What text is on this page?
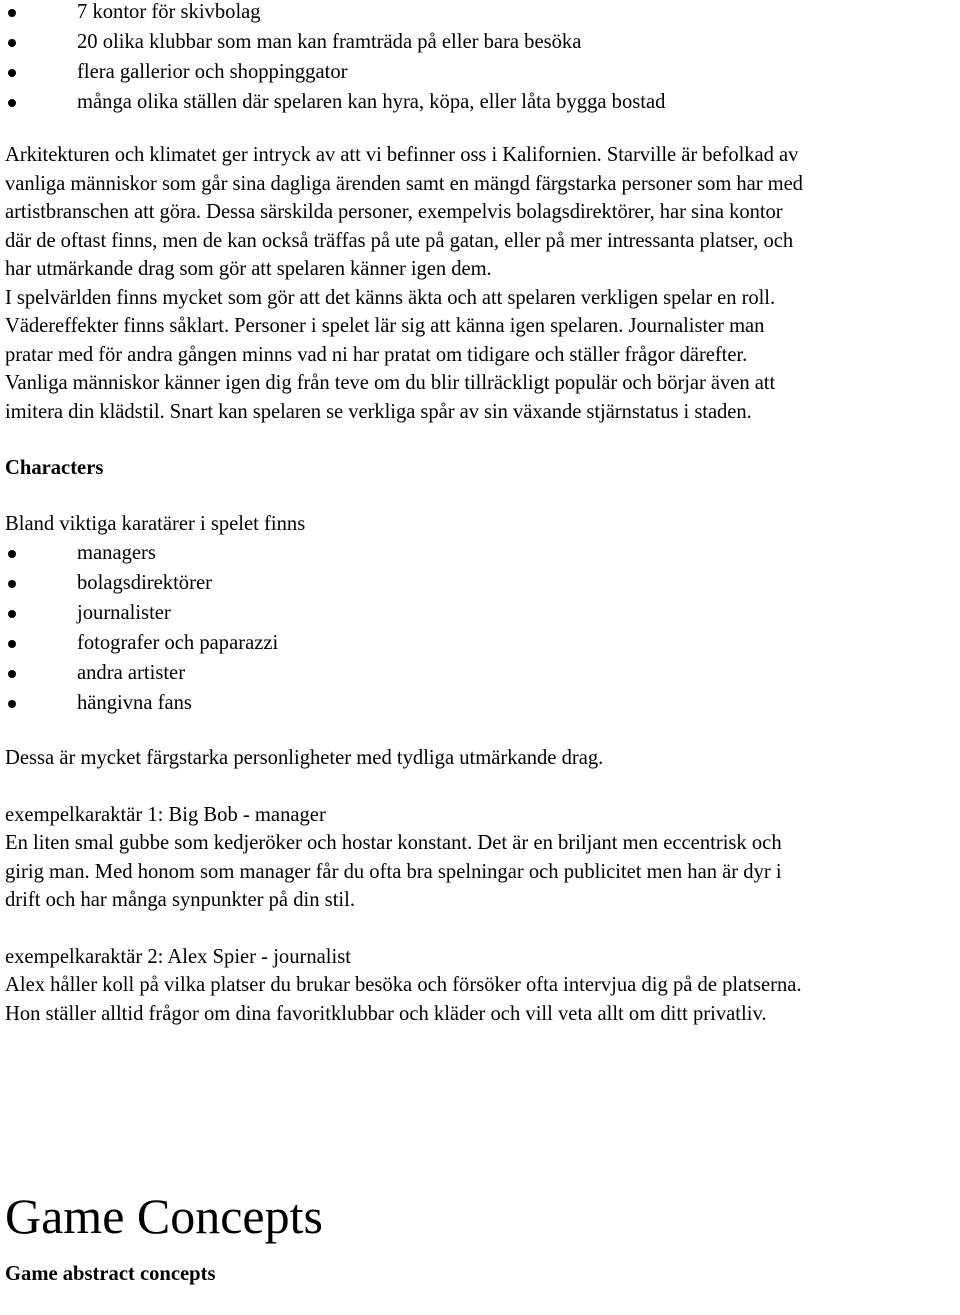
7 kontor för skivbolag
20 olika klubbar som man kan framträda på eller bara besöka
flera gallerior och shoppinggator
många olika ställen där spelaren kan hyra, köpa, eller låta bygga bostad
Arkitekturen och klimatet ger intryck av att vi befinner oss i Kalifornien. Starville är befolkad av
vanliga människor som går sina dagliga ärenden samt en mängd färgstarka personer som har med
artistbranschen att göra. Dessa särskilda personer, exempelvis bolagsdirektörer, har sina kontor
där de oftast finns, men de kan också träffas på ute på gatan, eller på mer intressanta platser, och
har utmärkande drag som gör att spelaren känner igen dem.
I spelvärlden finns mycket som gör att det känns äkta och att spelaren verkligen spelar en roll.
Vädereffekter finns såklart. Personer i spelet lär sig att känna igen spelaren. Journalister man
pratar med för andra gången minns vad ni har pratat om tidigare och ställer frågor därefter.
Vanliga människor känner igen dig från teve om du blir tillräckligt populär och börjar även att
imitera din klädstil. Snart kan spelaren se verkliga spår av sin växande stjärnstatus i staden.

Characters

Bland viktiga karatärer i spelet finns

managers
bolagsdirektörer
journalister
fotografer och paparazzi
andra artister
hängivna fans

Dessa är mycket färgstarka personligheter med tydliga utmärkande drag.

exempelkaraktär 1: Big Bob - manager
En liten smal gubbe som kedjeröker och hostar konstant. Det är en briljant men eccentrisk och
girig man. Med honom som manager får du ofta bra spelningar och publicitet men han är dyr i
drift och har många synpunkter på din stil.
exempelkaraktär 2: Alex Spier - journalist
Alex håller koll på vilka platser du brukar besöka och försöker ofta intervjua dig på de platserna.
Hon ställer alltid frågor om dina favoritklubbar och kläder och vill veta allt om ditt privatliv.

Game Concepts

Game abstract concepts
